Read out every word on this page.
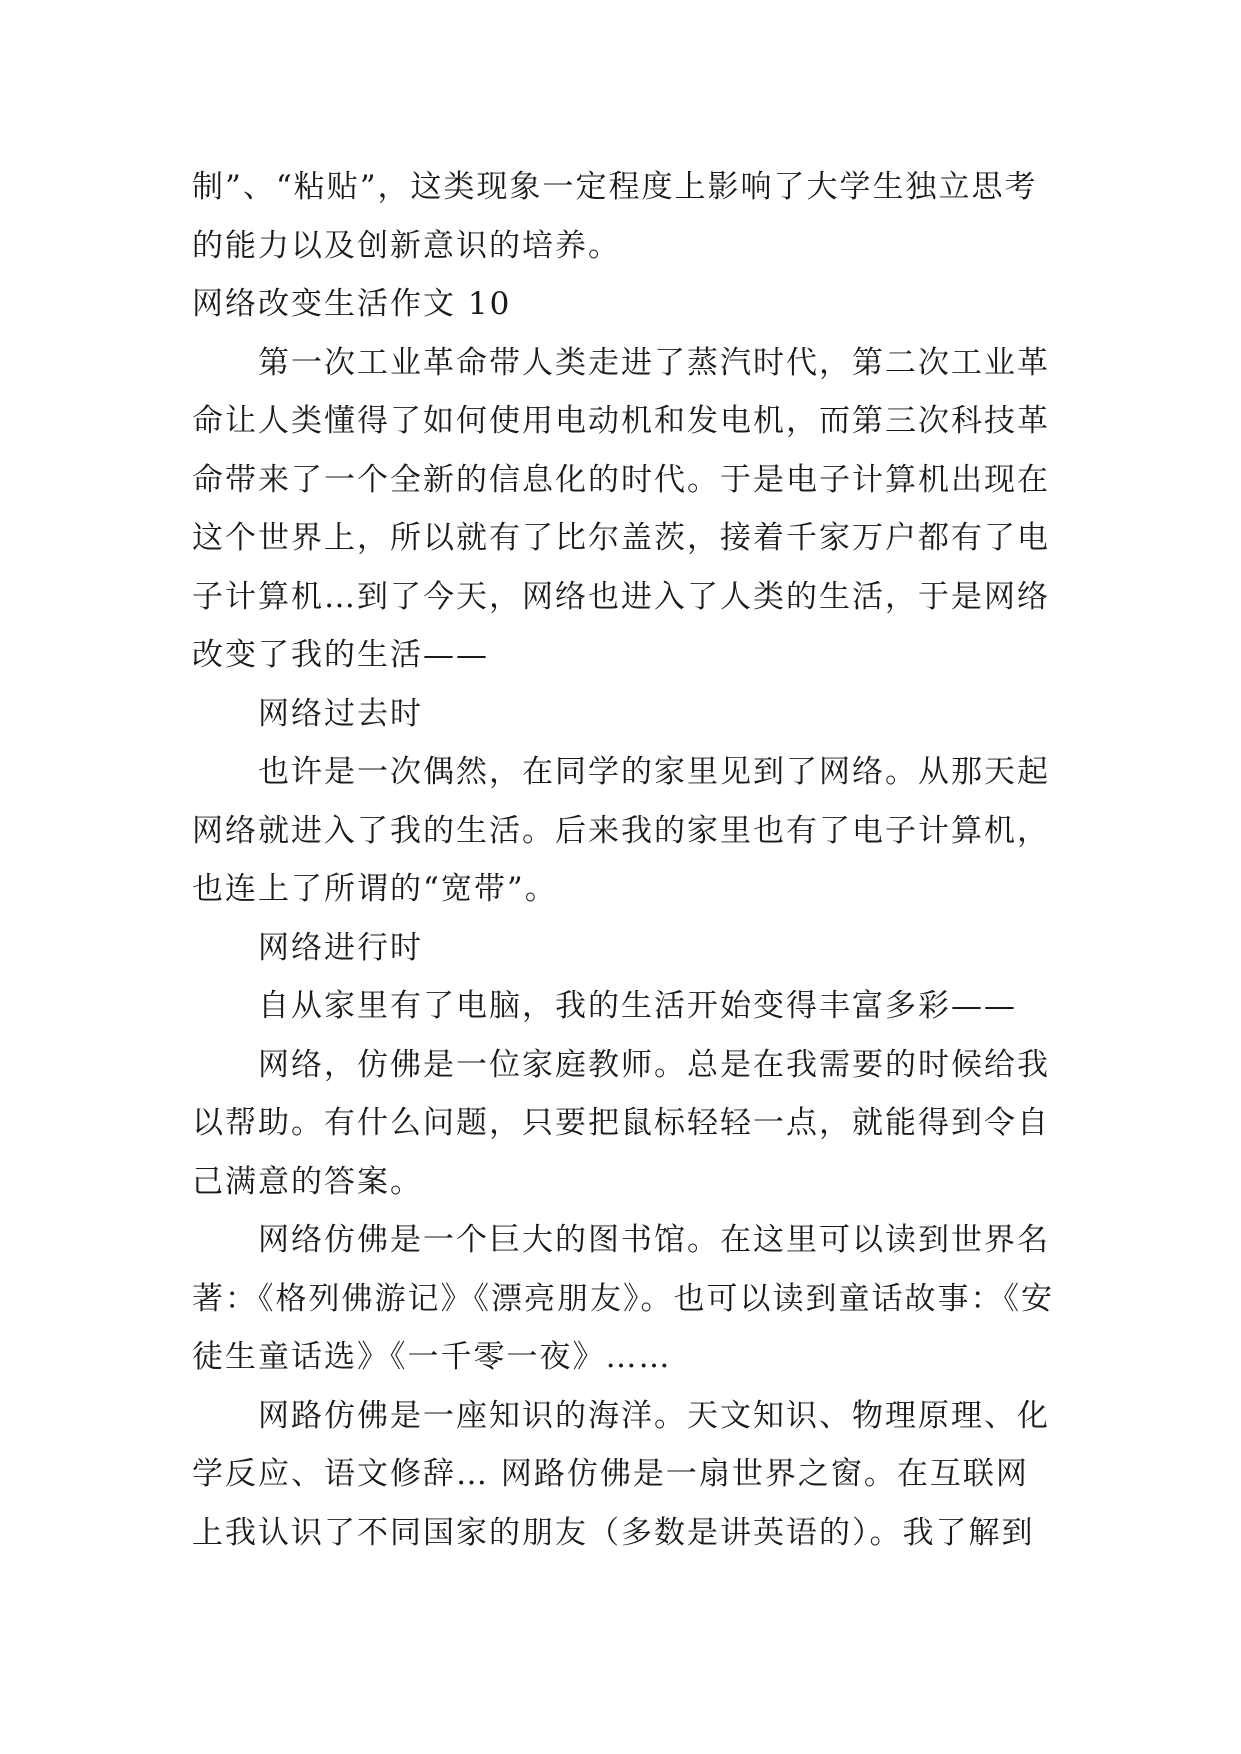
制”、“粘贴”，这类现象一定程度上影响了大学生独立思考
的能力以及创新意识的培养。
网络改变生活作文 10
第一次工业革命带人类走进了蒸汽时代，第二次工业革
命让人类懂得了如何使用电动机和发电机，而第三次科技革
命带来了一个全新的信息化的时代。于是电子计算机出现在
这个世界上，所以就有了比尔盖茨，接着千家万户都有了电
子计算机…到了今天，网络也进入了人类的生活，于是网络
改变了我的生活——
网络过去时
也许是一次偶然，在同学的家里见到了网络。从那天起
网络就进入了我的生活。后来我的家里也有了电子计算机，
也连上了所谓的“宽带”。
网络进行时
自从家里有了电脑，我的生活开始变得丰富多彩——
网络，仿佛是一位家庭教师。总是在我需要的时候给我
以帮助。有什么问题，只要把鼠标轻轻一点，就能得到令自
己满意的答案。
网络仿佛是一个巨大的图书馆。在这里可以读到世界名
著：《格列佛游记》《漂亮朋友》。也可以读到童话故事：《安
徒生童话选》《一千零一夜》……
网路仿佛是一座知识的海洋。天文知识、物理原理、化
学反应、语文修辞… 网路仿佛是一扇世界之窗。在互联网
上我认识了不同国家的朋友（多数是讲英语的）。我了解到
